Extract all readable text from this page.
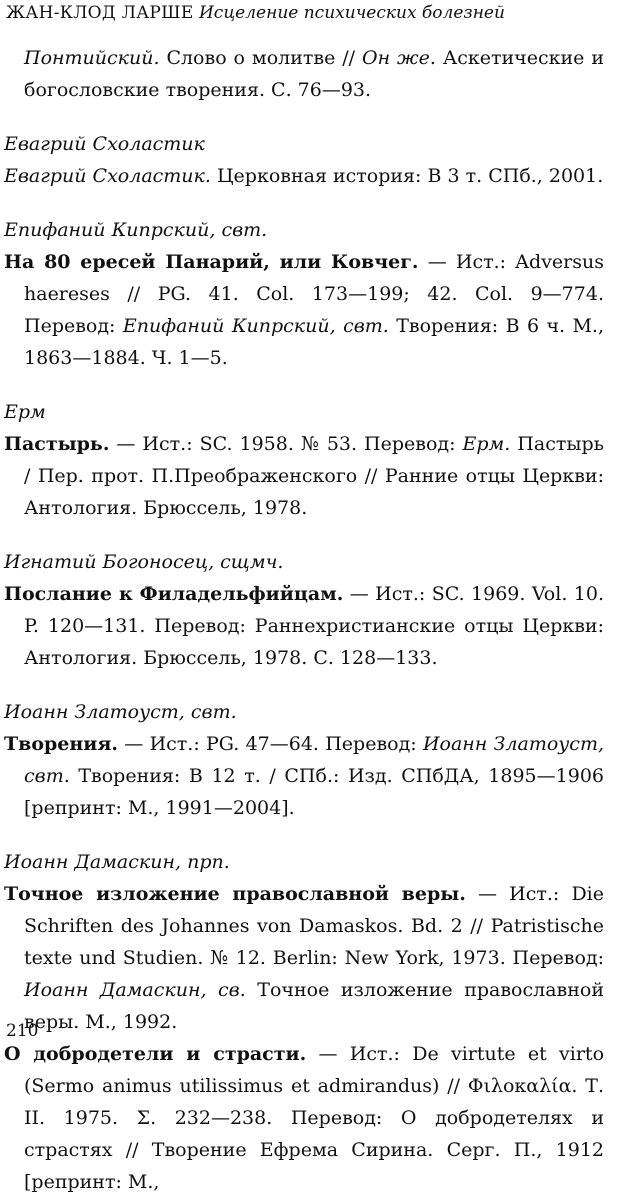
ЖАН-КЛОД ЛАРШЕ Исцеление психических болезней

Понтийский. Слово о молитве // Он же. Аскетические и богословские творения. С. 76—93.

Евагрий Схоластик

Евагрий Схоластик. Церковная история: В 3 т. СПб., 2001.

Епифаний Кипрский, свт.

На 80 ересей Панарий, или Ковчег. — Ист.: Adversus haereses // PG. 41. Col. 173—199; 42. Col. 9—774. Перевод: Епифаний Кипрский, свт. Творения: В 6 ч. М., 1863—1884. Ч. 1—5.

Ерм

Пастырь. — Ист.: SC. 1958. № 53. Перевод: Ерм. Пастырь / Пер. прот. П.Преображенского // Ранние отцы Церкви: Антология. Брюссель, 1978.

Игнатий Богоносец, сщмч.

Послание к Филадельфийцам. — Ист.: SC. 1969. Vol. 10. P. 120—131. Перевод: Раннехристианские отцы Церкви: Антология. Брюссель, 1978. С. 128—133.

Иоанн Златоуст, свт.

Творения. — Ист.: PG. 47—64. Перевод: Иоанн Златоуст, свт. Творения: В 12 т. / СПб.: Изд. СПбДА, 1895—1906 [репринт: М., 1991—2004].

Иоанн Дамаскин, прп.

Точное изложение православной веры. — Ист.: Die Schriften des Johannes von Damaskos. Bd. 2 // Patristische texte und Studien. № 12. Berlin: New York, 1973. Перевод: Иоанн Дамаскин, св. Точное изложение православной веры. М., 1992.

О добродетели и страсти. — Ист.: De virtute et virto (Sermo animus utilissimus et admirandus) // Φιλοκαλία. Т. II. 1975. Σ. 232—238. Перевод: О добродетелях и страстях // Творение Ефрема Сирина. Серг. П., 1912 [репринт: М.,

210
